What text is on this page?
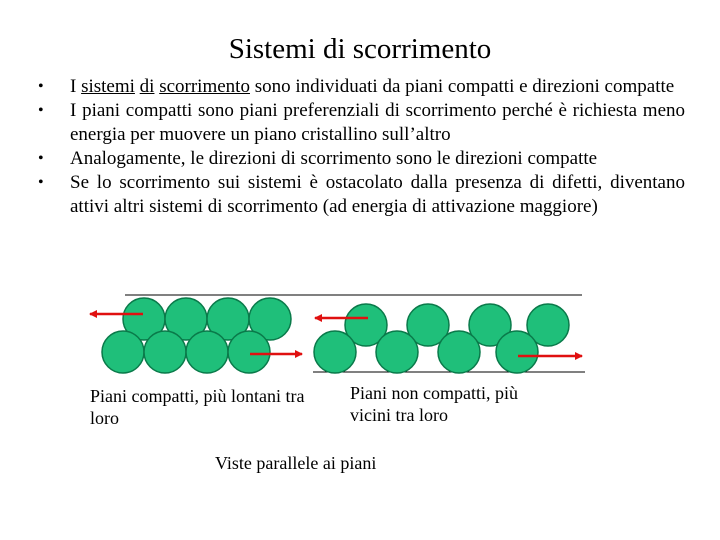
Sistemi di scorrimento
• I sistemi di scorrimento sono individuati da piani compatti e direzioni compatte
• I piani compatti sono piani preferenziali di scorrimento perché è richiesta meno energia per muovere un piano cristallino sull’altro
• Analogamente, le direzioni di scorrimento sono le direzioni compatte
• Se lo scorrimento sui sistemi è ostacolato dalla presenza di difetti, diventano attivi altri sistemi di scorrimento (ad energia di attivazione maggiore)
Piani compatti, più lontani tra loro
Piani non compatti, più vicini tra loro
Viste parallele ai piani
